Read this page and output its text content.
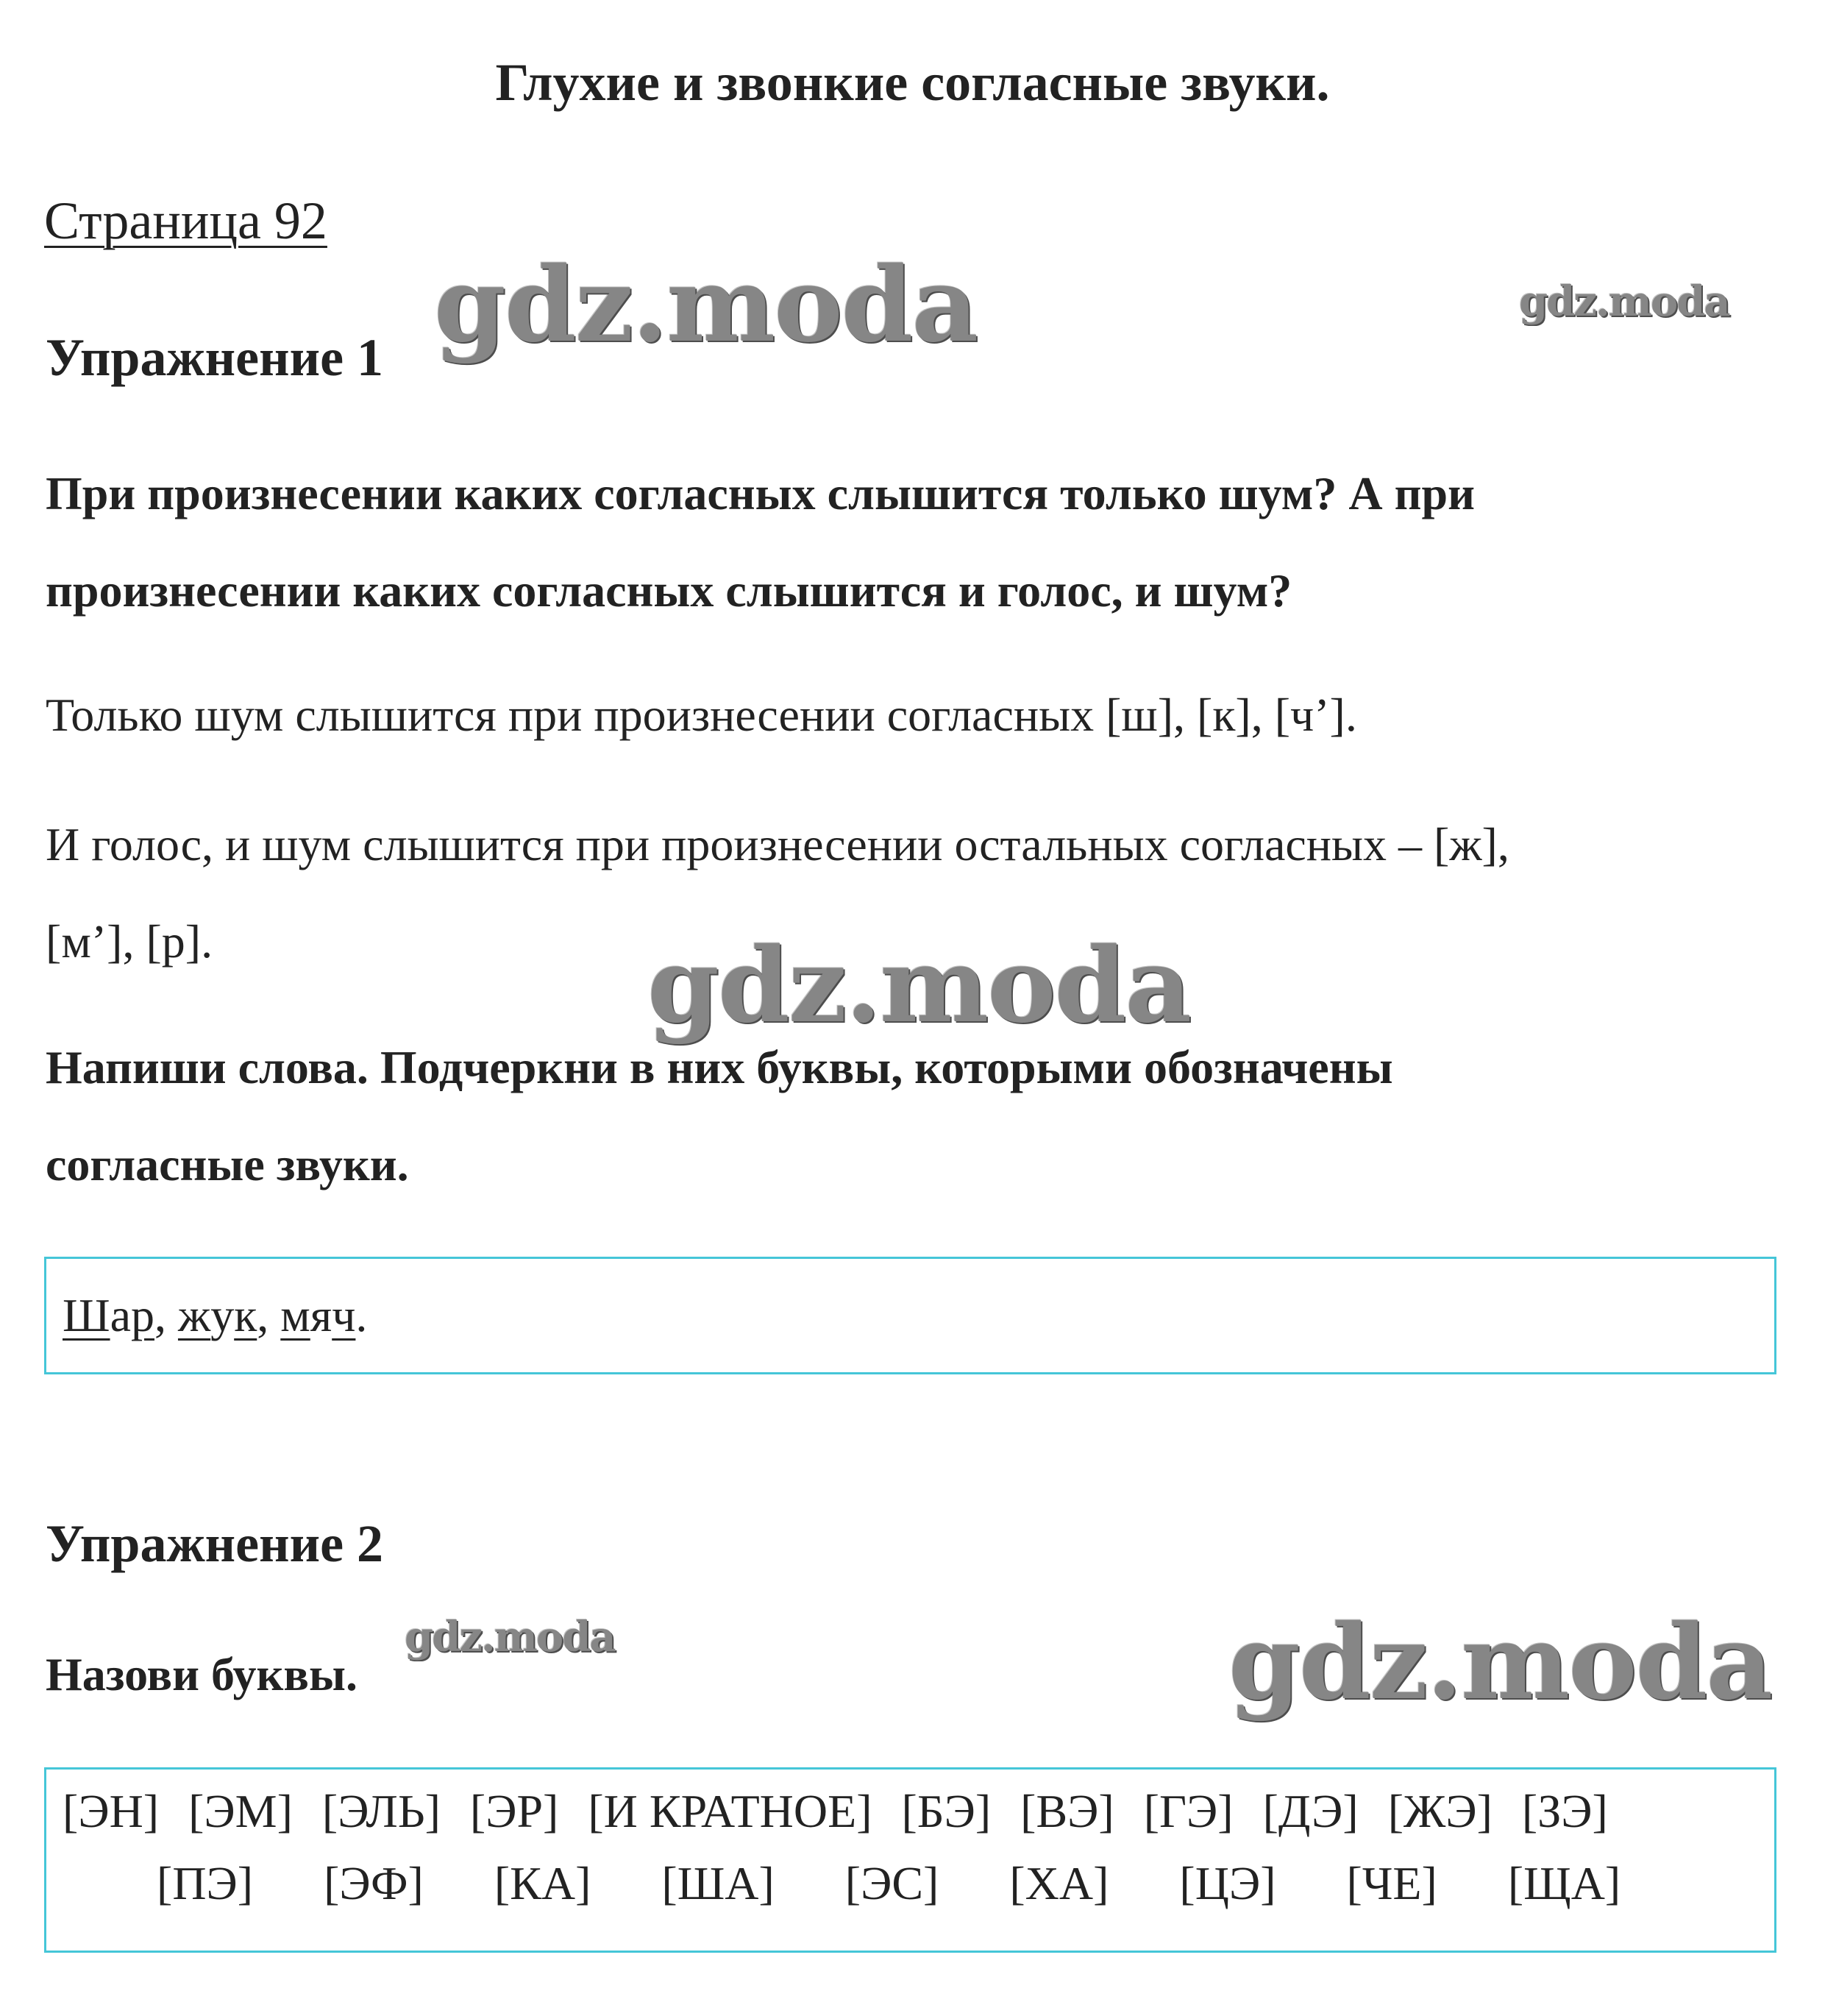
Глухие и звонкие согласные звуки.
Страница 92
Упражнение 1
При произнесении каких согласных слышится только шум? А при
произнесении каких согласных слышится и голос, и шум?
Только шум слышится при произнесении согласных [ш], [к], [ч’].
И голос, и шум слышится при произнесении остальных согласных – [ж],
[м’], [р].
Напиши слова. Подчеркни в них буквы, которыми обозначены
согласные звуки.
Шар, жук, мяч.
Упражнение 2
Назови буквы.
[ЭН] [ЭМ] [ЭЛЬ] [ЭР] [И КРАТНОЕ] [БЭ] [ВЭ] [ГЭ] [ДЭ] [ЖЭ] [ЗЭ]
[ПЭ] [ЭФ] [КА] [ША] [ЭС] [ХА] [ЦЭ] [ЧЕ] [ЩА]
gdz.moda	gdz.moda
gdz.moda
gdz.moda	gdz.moda
